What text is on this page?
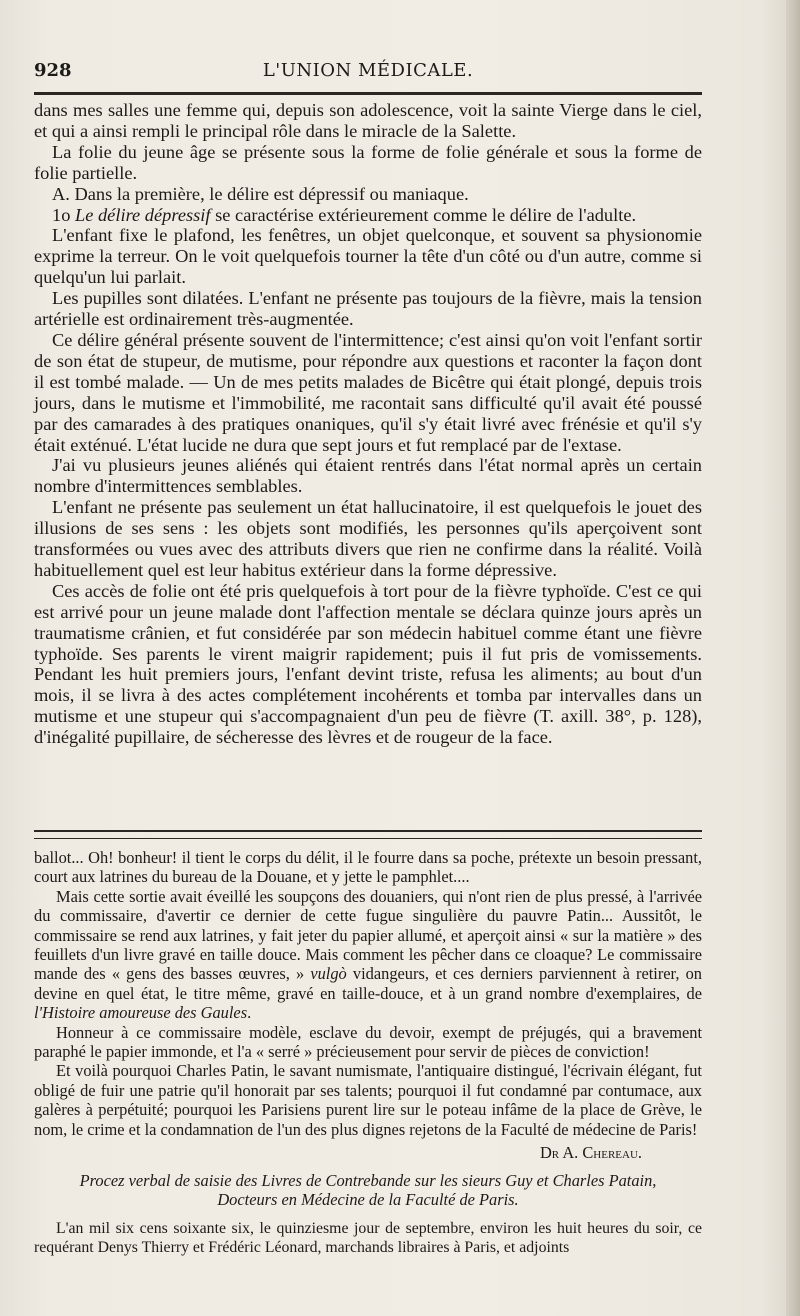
928	L'UNION MÉDICALE.

dans mes salles une femme qui, depuis son adolescence, voit la sainte Vierge dans le ciel, et qui a ainsi rempli le principal rôle dans le miracle de la Salette.

La folie du jeune âge se présente sous la forme de folie générale et sous la forme de folie partielle.

A. Dans la première, le délire est dépressif ou maniaque.

1o Le délire dépressif se caractérise extérieurement comme le délire de l'adulte.

L'enfant fixe le plafond, les fenêtres, un objet quelconque, et souvent sa physionomie exprime la terreur. On le voit quelquefois tourner la tête d'un côté ou d'un autre, comme si quelqu'un lui parlait.

Les pupilles sont dilatées. L'enfant ne présente pas toujours de la fièvre, mais la tension artérielle est ordinairement très-augmentée.

Ce délire général présente souvent de l'intermittence; c'est ainsi qu'on voit l'enfant sortir de son état de stupeur, de mutisme, pour répondre aux questions et raconter la façon dont il est tombé malade. — Un de mes petits malades de Bicêtre qui était plongé, depuis trois jours, dans le mutisme et l'immobilité, me racontait sans difficulté qu'il avait été poussé par des camarades à des pratiques onaniques, qu'il s'y était livré avec frénésie et qu'il s'y était exténué. L'état lucide ne dura que sept jours et fut remplacé par de l'extase.

J'ai vu plusieurs jeunes aliénés qui étaient rentrés dans l'état normal après un certain nombre d'intermittences semblables.

L'enfant ne présente pas seulement un état hallucinatoire, il est quelquefois le jouet des illusions de ses sens : les objets sont modifiés, les personnes qu'ils aperçoivent sont transformées ou vues avec des attributs divers que rien ne confirme dans la réalité. Voilà habituellement quel est leur habitus extérieur dans la forme dépressive.

Ces accès de folie ont été pris quelquefois à tort pour de la fièvre typhoïde. C'est ce qui est arrivé pour un jeune malade dont l'affection mentale se déclara quinze jours après un traumatisme crânien, et fut considérée par son médecin habituel comme étant une fièvre typhoïde. Ses parents le virent maigrir rapidement; puis il fut pris de vomissements. Pendant les huit premiers jours, l'enfant devint triste, refusa les aliments; au bout d'un mois, il se livra à des actes complétement incohérents et tomba par intervalles dans un mutisme et une stupeur qui s'accompagnaient d'un peu de fièvre (T. axill. 38°, p. 128), d'inégalité pupillaire, de sécheresse des lèvres et de rougeur de la face.

ballot... Oh! bonheur! il tient le corps du délit, il le fourre dans sa poche, prétexte un besoin pressant, court aux latrines du bureau de la Douane, et y jette le pamphlet....

Mais cette sortie avait éveillé les soupçons des douaniers, qui n'ont rien de plus pressé, à l'arrivée du commissaire, d'avertir ce dernier de cette fugue singulière du pauvre Patin... Aussitôt, le commissaire se rend aux latrines, y fait jeter du papier allumé, et aperçoit ainsi « sur la matière » des feuillets d'un livre gravé en taille douce. Mais comment les pêcher dans ce cloaque? Le commissaire mande des « gens des basses œuvres, » vulgò vidangeurs, et ces derniers parviennent à retirer, on devine en quel état, le titre même, gravé en taille-douce, et à un grand nombre d'exemplaires, de l'Histoire amoureuse des Gaules.

Honneur à ce commissaire modèle, esclave du devoir, exempt de préjugés, qui a bravement paraphé le papier immonde, et l'a « serré » précieusement pour servir de pièces de conviction!

Et voilà pourquoi Charles Patin, le savant numismate, l'antiquaire distingué, l'écrivain élégant, fut obligé de fuir une patrie qu'il honorait par ses talents; pourquoi il fut condamné par contumace, aux galères à perpétuité; pourquoi les Parisiens purent lire sur le poteau infâme de la place de Grève, le nom, le crime et la condamnation de l'un des plus dignes rejetons de la Faculté de médecine de Paris!

Dr A. Chereau.

Procez verbal de saisie des Livres de Contrebande sur les sieurs Guy et Charles Patain,
Docteurs en Médecine de la Faculté de Paris.

L'an mil six cens soixante six, le quinziesme jour de septembre, environ les huit heures du soir, ce requérant Denys Thierry et Frédéric Léonard, marchands libraires à Paris, et adjoints
